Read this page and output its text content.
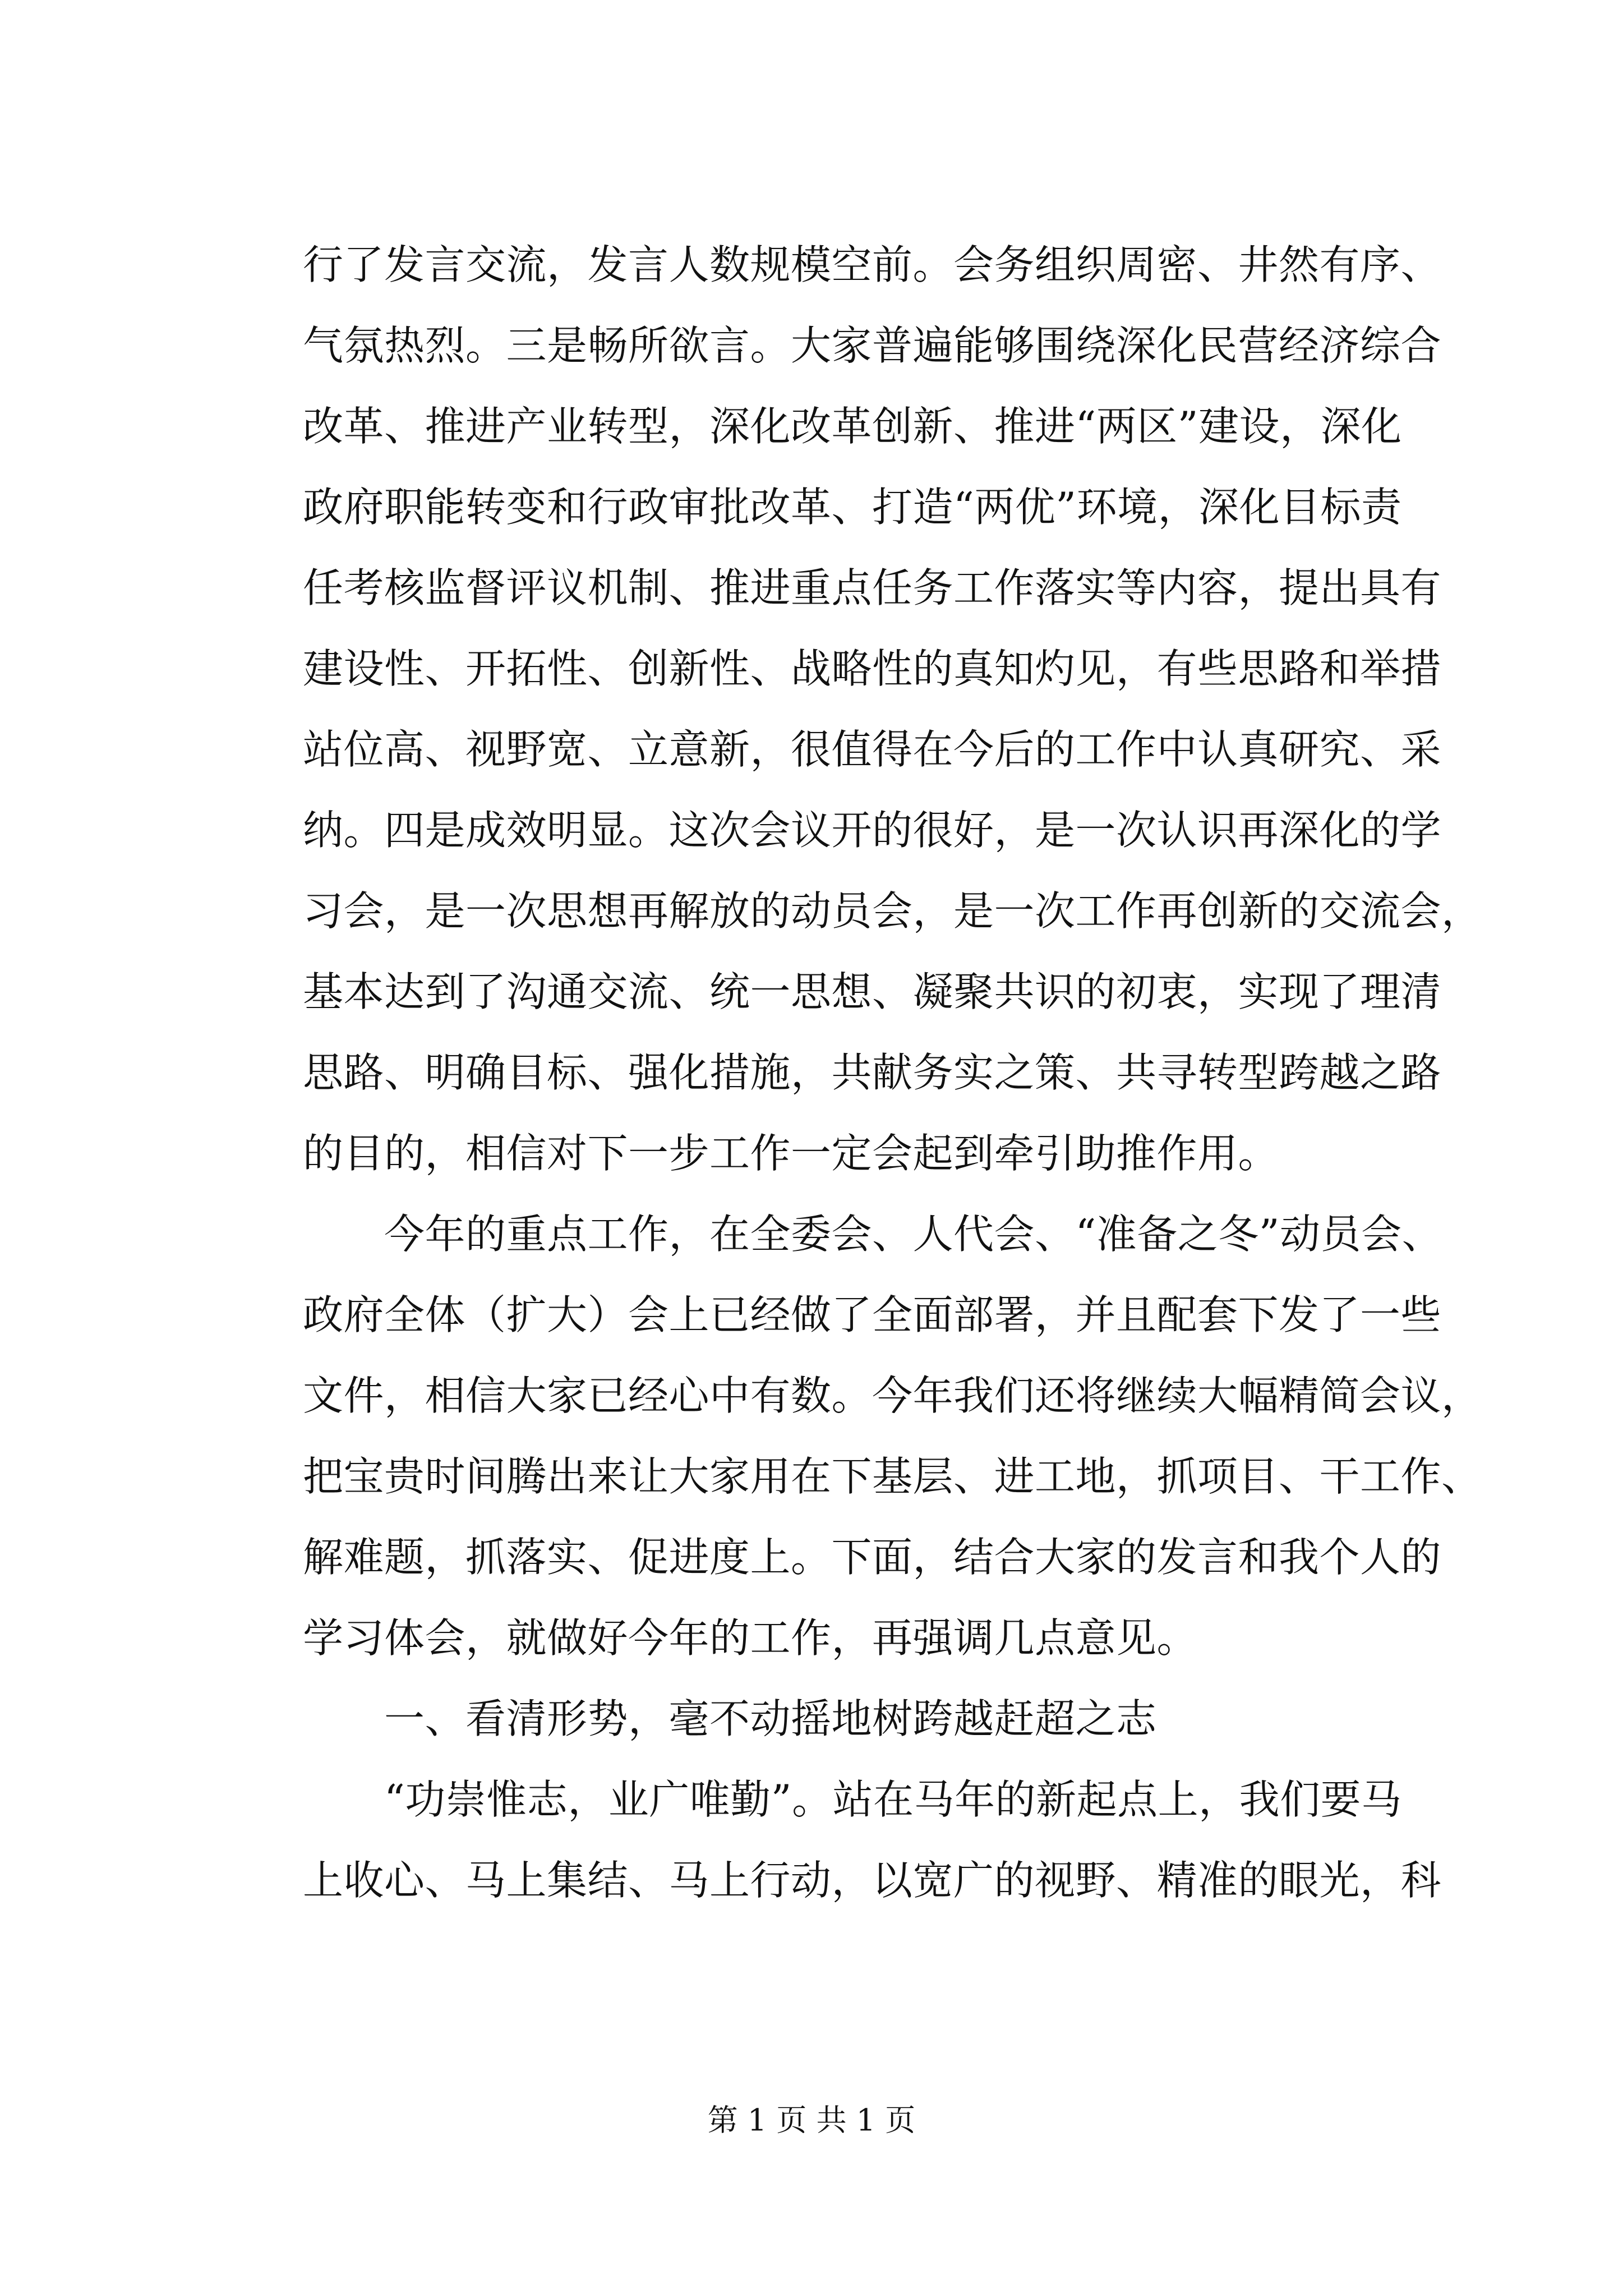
行了发言交流，发言人数规模空前。会务组织周密、井然有序、
气氛热烈。三是畅所欲言。大家普遍能够围绕深化民营经济综合
改革、推进产业转型，深化改革创新、推进“两区”建设，深化
政府职能转变和行政审批改革、打造“两优”环境，深化目标责
任考核监督评议机制、推进重点任务工作落实等内容，提出具有
建设性、开拓性、创新性、战略性的真知灼见，有些思路和举措
站位高、视野宽、立意新，很值得在今后的工作中认真研究、采
纳。四是成效明显。这次会议开的很好，是一次认识再深化的学
习会，是一次思想再解放的动员会，是一次工作再创新的交流会，
基本达到了沟通交流、统一思想、凝聚共识的初衷，实现了理清
思路、明确目标、强化措施，共献务实之策、共寻转型跨越之路
的目的，相信对下一步工作一定会起到牵引助推作用。
　　今年的重点工作，在全委会、人代会、“准备之冬”动员会、
政府全体（扩大）会上已经做了全面部署，并且配套下发了一些
文件，相信大家已经心中有数。今年我们还将继续大幅精简会议，
把宝贵时间腾出来让大家用在下基层、进工地，抓项目、干工作、
解难题，抓落实、促进度上。下面，结合大家的发言和我个人的
学习体会，就做好今年的工作，再强调几点意见。
　　一、看清形势，毫不动摇地树跨越赶超之志
　　“功崇惟志，业广唯勤”。站在马年的新起点上，我们要马
上收心、马上集结、马上行动，以宽广的视野、精准的眼光，科
第 1 页 共 1 页
